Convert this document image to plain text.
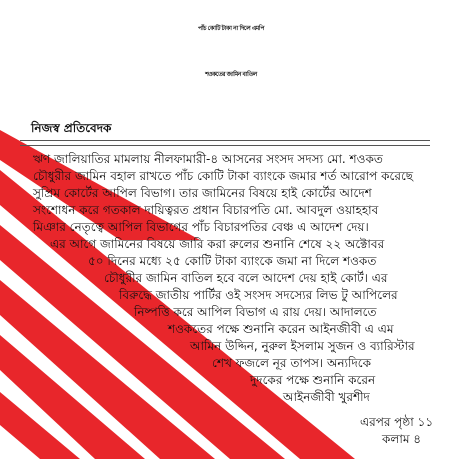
পাঁচ কোটি টাকা না দিলে এমপি
শওকতের জামিন বাতিল
নিজস্ব প্রতিবেদক
ঋণ জালিয়াতির মামলায় নীলফামারী-৪ আসনের সংসদ সদস্য মো. শওকত
চৌধুরীর জামিন বহাল রাখতে পাঁচ কোটি টাকা ব্যাংকে জমার শর্ত আরোপ করেছে
সুপ্রিম কোর্টের আপিল বিভাগ। তার জামিনের বিষয়ে হাই কোর্টের আদেশ
সংশোধন করে গতকাল দায়িত্বরত প্রধান বিচারপতি মো. আবদুল ওয়াহহাব
মিঞার নেতৃত্বে আপিল বিভাগের পাঁচ বিচারপতির বেঞ্চ এ আদেশ দেয়।
এর আগে জামিনের বিষয়ে জারি করা রুলের শুনানি শেষে ২২ অক্টোবর
৫০ দিনের মধ্যে ২৫ কোটি টাকা ব্যাংকে জমা না দিলে শওকত
চৌধুরীর জামিন বাতিল হবে বলে আদেশ দেয় হাই কোর্ট। এর
বিরুদ্ধে জাতীয় পার্টির ওই সংসদ সদস্যের লিভ টু আপিলের
নিষ্পত্তি করে আপিল বিভাগ এ রায় দেয়। আদালতে
শওকতের পক্ষে শুনানি করেন আইনজীবী এ এম
আমিন উদ্দিন, নুরুল ইসলাম সুজন ও ব্যারিস্টার
শেখ ফজলে নূর তাপস। অন্যদিকে
দুদকের পক্ষে শুনানি করেন
আইনজীবী খুরশীদ
এরপর পৃষ্ঠা ১১
কলাম ৪
